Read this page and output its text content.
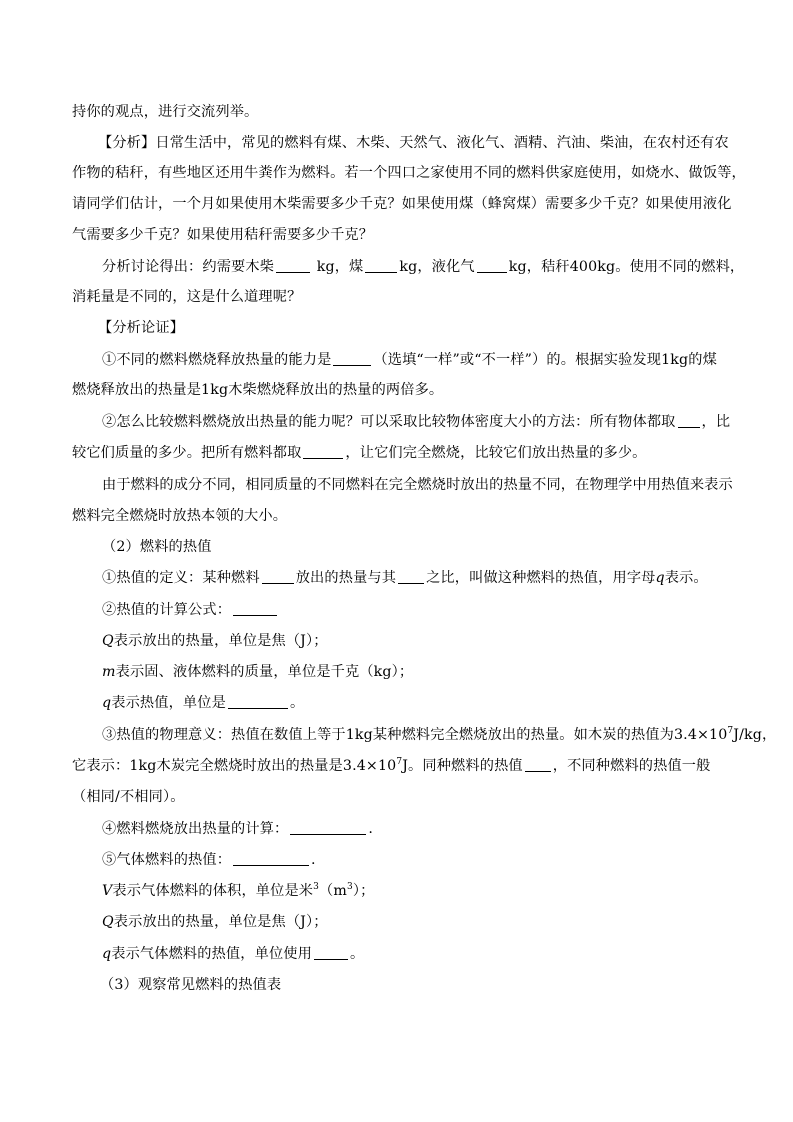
持你的观点，进行交流列举。
【分析】日常生活中，常见的燃料有煤、木柴、天然气、液化气、酒精、汽油、柴油，在农村还有农
作物的秸秆，有些地区还用牛粪作为燃料。若一个四口之家使用不同的燃料供家庭使用，如烧水、做饭等，
请同学们估计，一个月如果使用木柴需要多少千克？如果使用煤（蜂窝煤）需要多少千克？如果使用液化
气需要多少千克？如果使用秸秆需要多少千克？
分析讨论得出：约需要木柴	kg，煤	kg，液化气 kg，秸秆400kg。使用不同的燃料，
消耗量是不同的，这是什么道理呢？
【分析论证】
①不同的燃料燃烧释放热量的能力是	（选填“一样”或“不一样”）的。根据实验发现1kg的煤
燃烧释放出的热量是1kg木柴燃烧释放出的热量的两倍多。
②怎么比较燃料燃烧放出热量的能力呢？可以采取比较物体密度大小的方法：所有物体都取 ，比
较它们质量的多少。把所有燃料都取	，让它们完全燃烧，比较它们放出热量的多少。
由于燃料的成分不同，相同质量的不同燃料在完全燃烧时放出的热量不同，在物理学中用热值来表示
燃料完全燃烧时放热本领的大小。
（2）燃料的热值
①热值的定义：某种燃料	放出的热量与其 之比，叫做这种燃料的热值，用字母q表示。
②热值的计算公式：
Q表示放出的热量，单位是焦（J）；
m表示固、液体燃料的质量，单位是千克（kg）；
q表示热值，单位是	。
③热值的物理意义：热值在数值上等于1kg某种燃料完全燃烧放出的热量。如木炭的热值为$3.4\times 10^7J/kg$，
它表示：1kg木炭完全燃烧时放出的热量是$3.4\times 10^7J$。同种燃料的热值 ，不同种燃料的热值一般
（相同/不相同）。
④燃料燃烧放出热量的计算：	.
⑤气体燃料的热值：	.
V表示气体燃料的体积，单位是米$^3(m^3)$；
Q表示放出的热量，单位是焦（J）；
q表示气体燃料的热值，单位使用	。
（3）观察常见燃料的热值表
